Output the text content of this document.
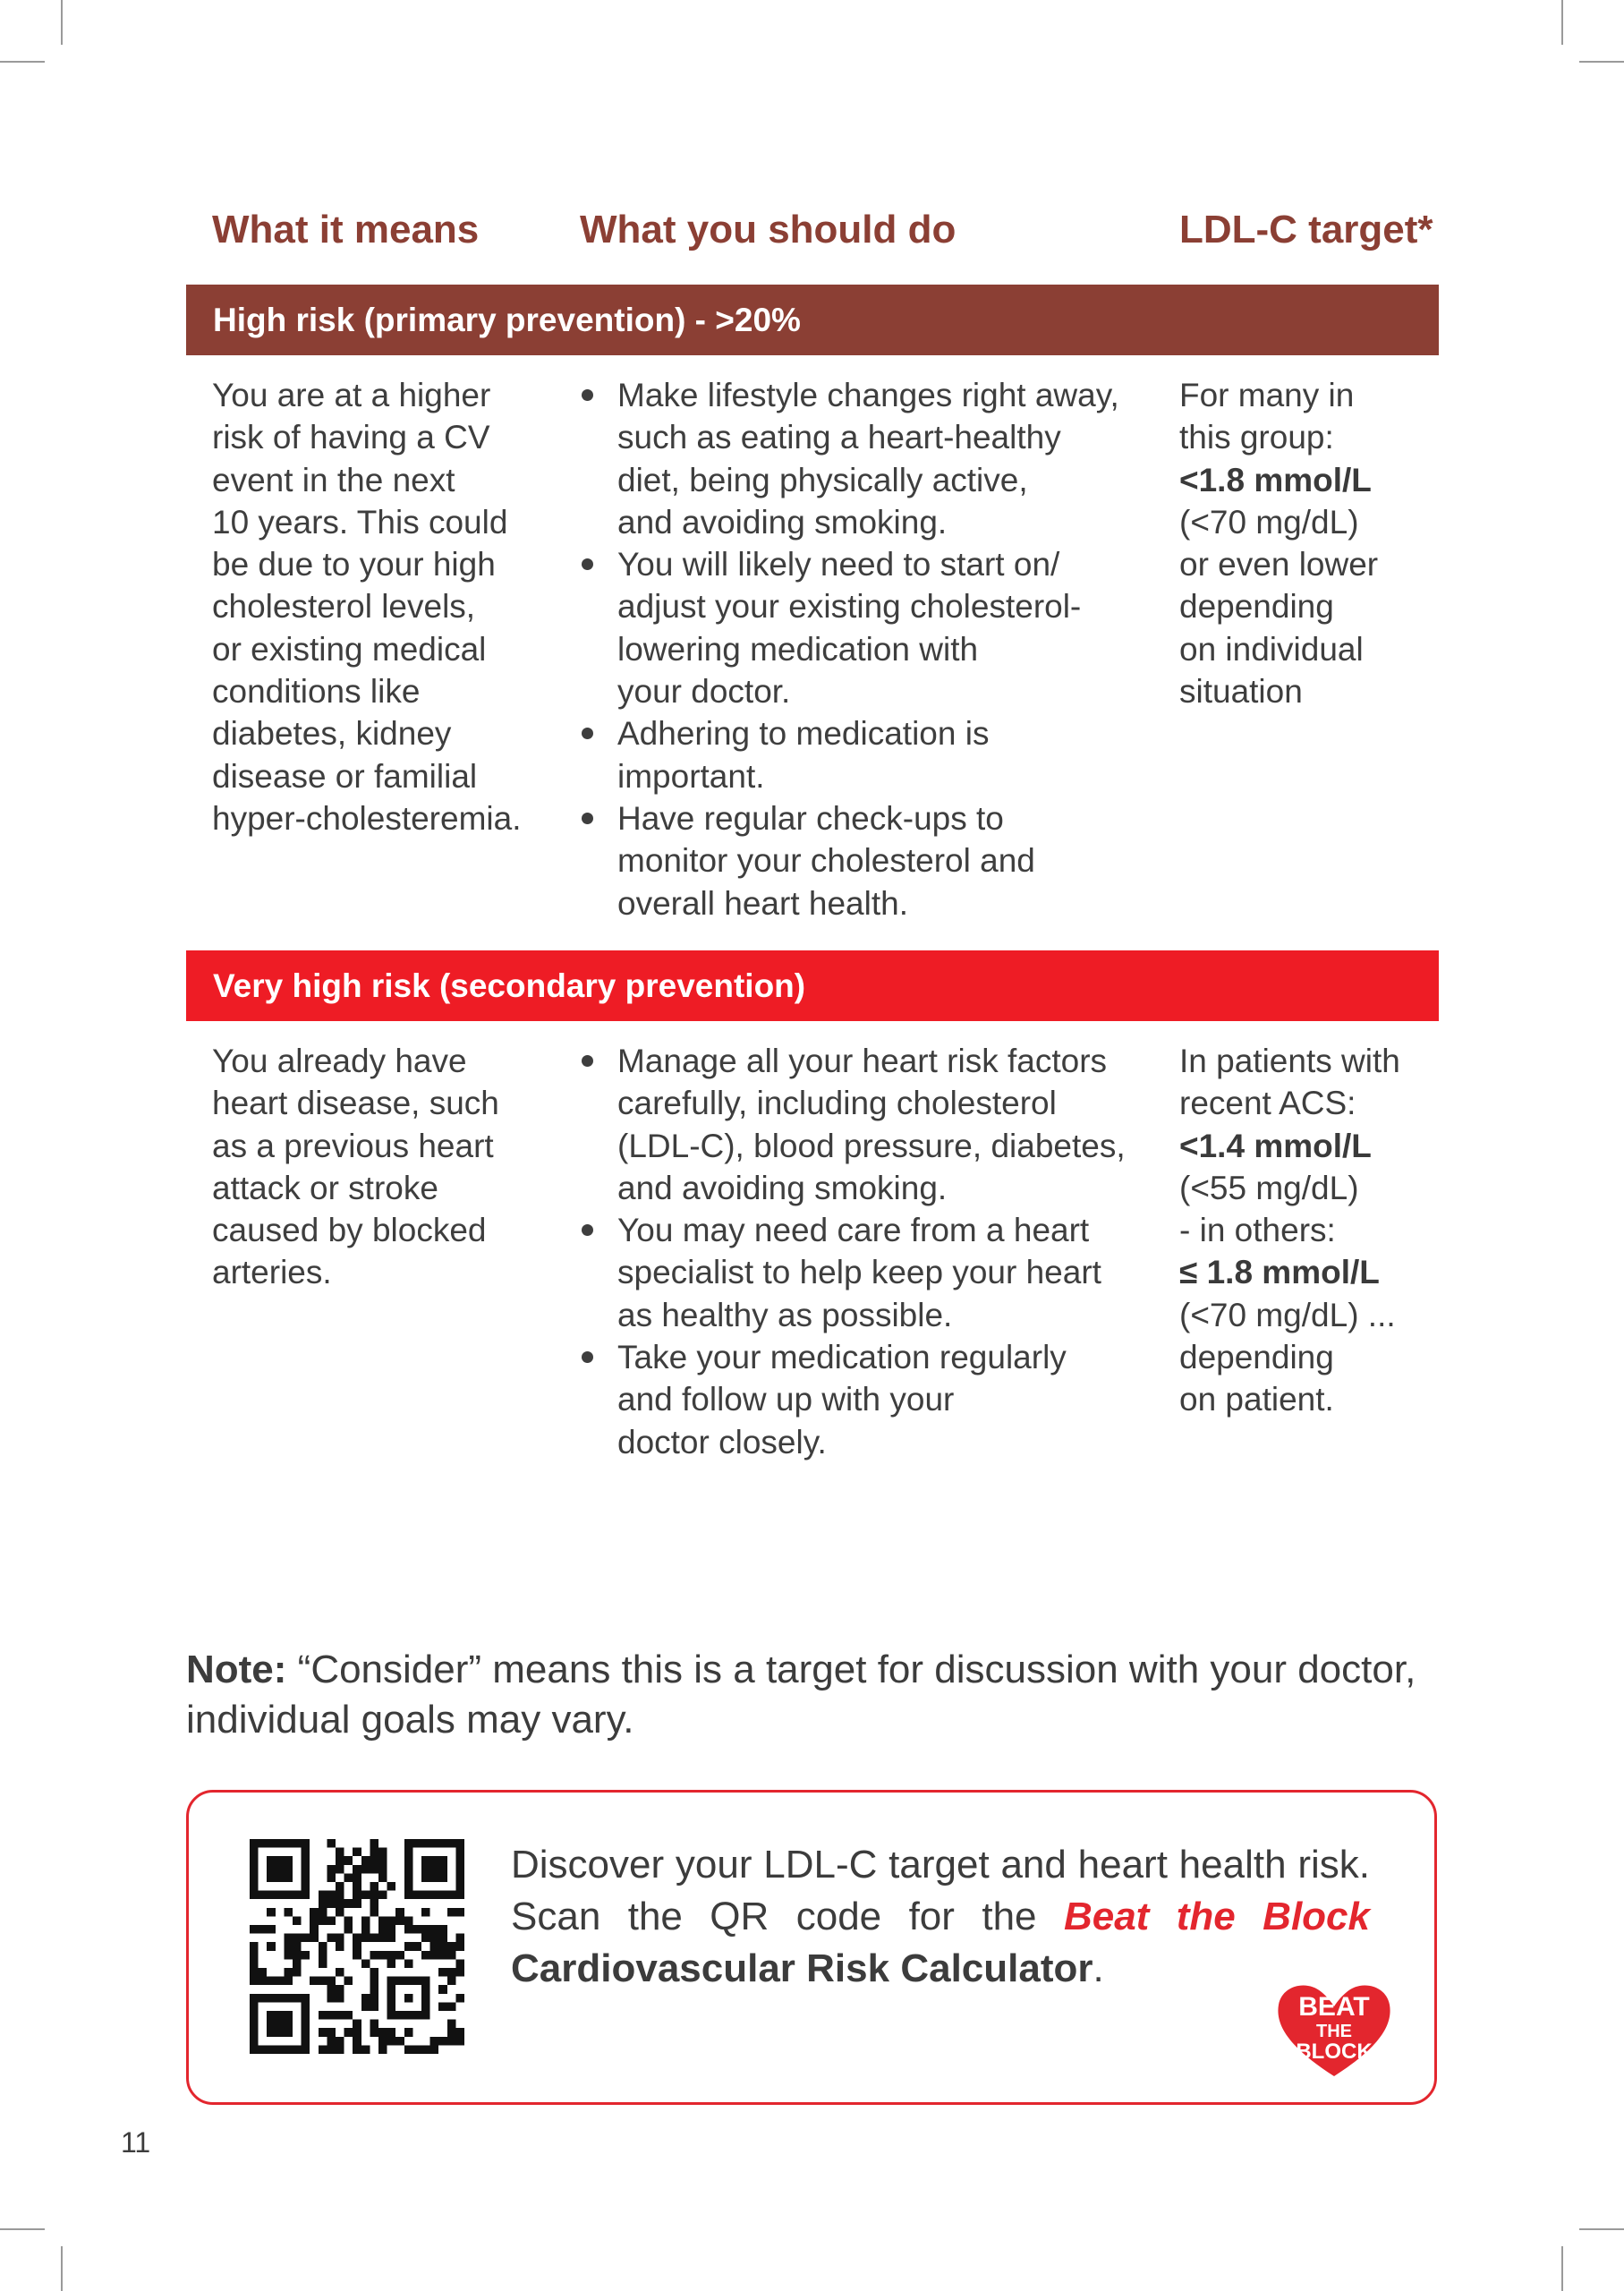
What it means	What you should do	LDL-C target*
High risk (primary prevention) - >20%

You are at a higher

risk of having a CV

event in the next

10 years. This could

be due to your high

cholesterol levels,

or existing medical

conditions like

diabetes, kidney

disease or familial

hyper-cholesteremia.

Make lifestyle changes right away,

such as eating a heart-healthy

diet, being physically active,

and avoiding smoking.

You will likely need to start on/

adjust your existing cholesterol-

lowering medication with

your doctor.

Adhering to medication is

important.

Have regular check-ups to

monitor your cholesterol and

overall heart health.

For many in

this group:

<1.8 mmol/L

(<70 mg/dL)

or even lower

depending

on individual

situation

Very high risk (secondary prevention)

You already have

heart disease, such

as a previous heart

attack or stroke

caused by blocked

arteries.

Manage all your heart risk factors

carefully, including cholesterol

(LDL-C), blood pressure, diabetes,

and avoiding smoking.

You may need care from a heart

specialist to help keep your heart

as healthy as possible.

Take your medication regularly

and follow up with your

doctor closely.

In patients with

recent ACS:

<1.4 mmol/L

(<55 mg/dL)

- in others:

≤ 1.8 mmol/L

(<70 mg/dL) ...

depending

on patient.

Note: “Consider” means this is a target for discussion with your doctor, individual goals may vary.
Discover your LDL-C target and heart health risk. Scan the QR code for the Beat the Block Cardiovascular Risk Calculator.
BEAT
THE
BLOCK
11
